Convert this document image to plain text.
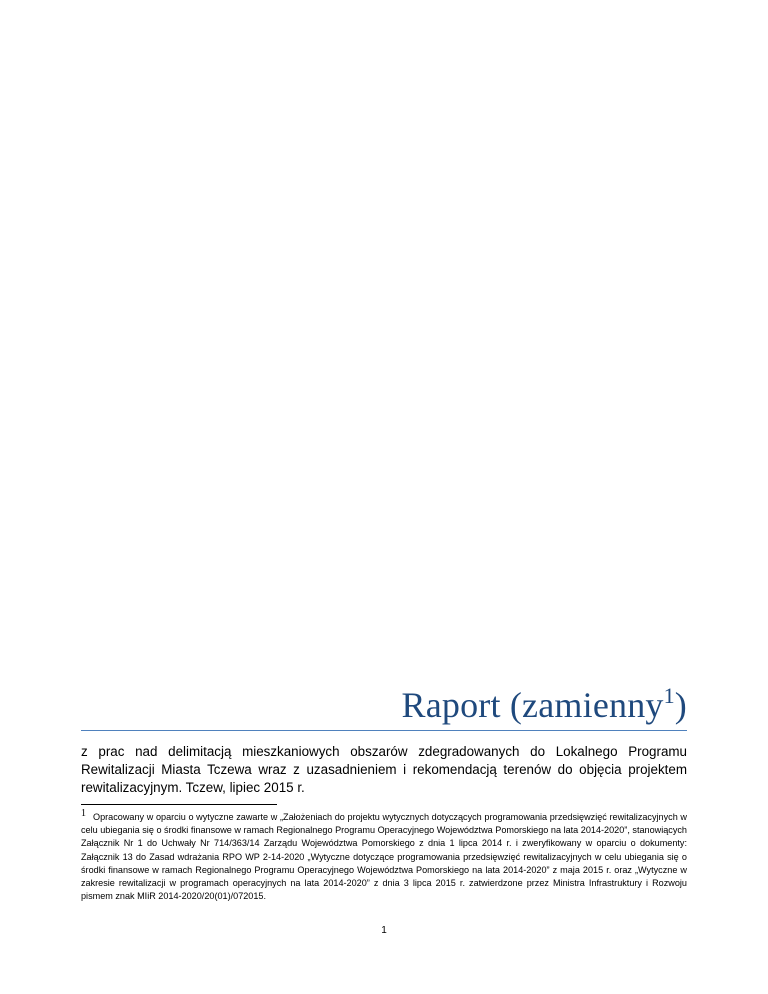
Raport (zamienny$^1$)

z prac nad delimitacją mieszkaniowych obszarów zdegradowanych do Lokalnego Programu Rewitalizacji Miasta Tczewa wraz z uzasadnieniem i rekomendacją terenów do objęcia projektem rewitalizacyjnym. Tczew, lipiec 2015 r.

1 Opracowany w oparciu o wytyczne zawarte w „Założeniach do projektu wytycznych dotyczących programowania przedsięwzięć rewitalizacyjnych w celu ubiegania się o środki finansowe w ramach Regionalnego Programu Operacyjnego Województwa Pomorskiego na lata 2014-2020”, stanowiących Załącznik Nr 1 do Uchwały Nr 714/363/14 Zarządu Województwa Pomorskiego z dnia 1 lipca 2014 r. i zweryfikowany w oparciu o dokumenty: Załącznik 13 do Zasad wdrażania RPO WP 2-14-2020 „Wytyczne dotyczące programowania przedsięwzięć rewitalizacyjnych w celu ubiegania się o środki finansowe w ramach Regionalnego Programu Operacyjnego Województwa Pomorskiego na lata 2014-2020” z maja 2015 r. oraz „Wytyczne w zakresie rewitalizacji w programach operacyjnych na lata 2014-2020” z dnia 3 lipca 2015 r. zatwierdzone przez Ministra Infrastruktury i Rozwoju pismem znak MIiR 2014-2020/20(01)/072015.

1
